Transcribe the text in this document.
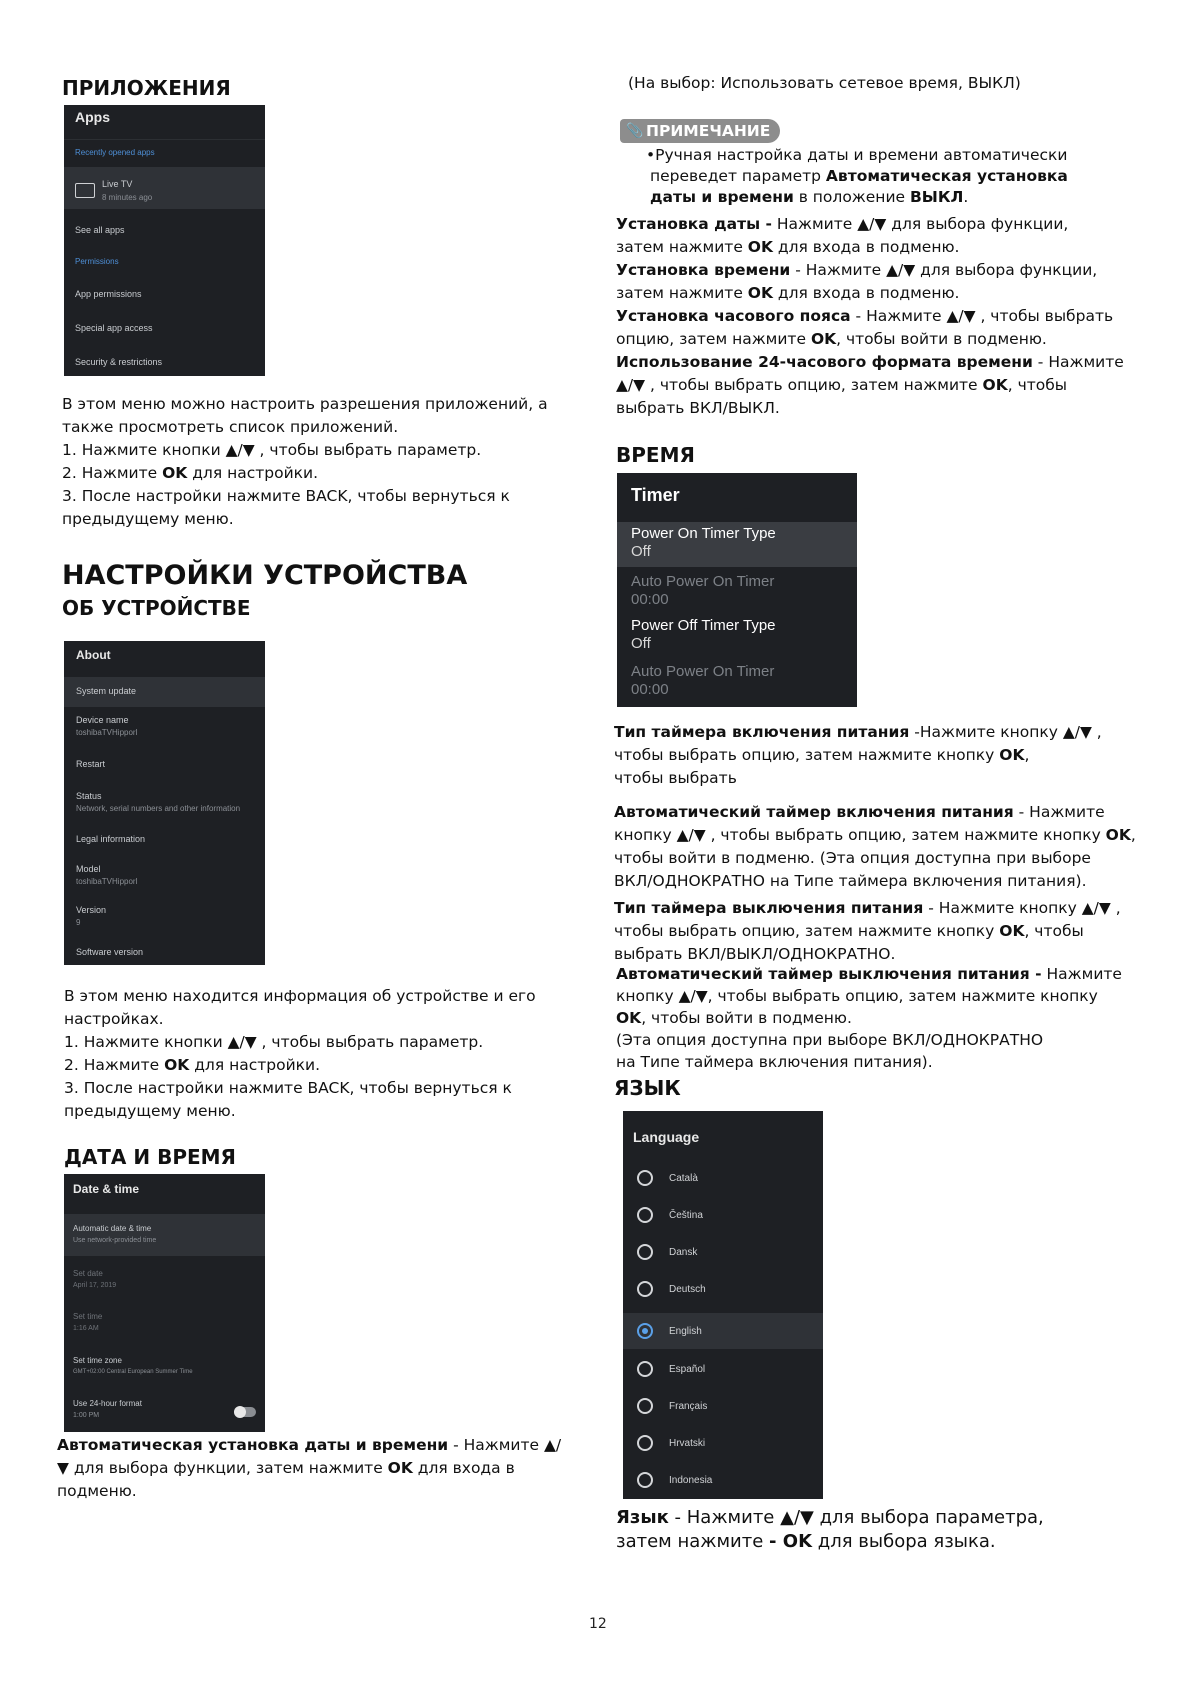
ПРИЛОЖЕНИЯ
Apps
Recently opened apps
Live TV
8 minutes ago
See all apps
Permissions
App permissions
Special app access
Security & restrictions

В этом меню можно настроить разрешения приложений, а

также просмотреть список приложений.

1. Нажмите кнопки ▲/▼ , чтобы выбрать параметр.

2. Нажмите OK для настройки.

3. После настройки нажмите BACK, чтобы вернуться к

предыдущему меню.

НАСТРОЙКИ УСТРОЙСТВА
ОБ УСТРОЙСТВЕ
About
System update
Device name
toshibaTVHipporl
Restart
Status
Network, serial numbers and other information
Legal information
Model
toshibaTVHipporl
Version
9
Software version

В этом меню находится информация об устройстве и его

настройках.

1. Нажмите кнопки ▲/▼ , чтобы выбрать параметр.

2. Нажмите OK для настройки.

3. После настройки нажмите BACK, чтобы вернуться к

предыдущему меню.

ДАТА И ВРЕМЯ
Date & time
Automatic date & time
Use network-provided time
Set date
April 17, 2019
Set time
1:16 AM
Set time zone
GMT+02:00 Central European Summer Time
Use 24-hour format
1:00 PM

Автоматическая установка даты и времени - Нажмите ▲/

▼ для выбора функции, затем нажмите OK для входа в

подменю.

(На выбор: Использовать сетевое время, ВЫКЛ)
📎 ПРИМЕЧАНИЕ

•Ручная настройка даты и времени автоматически

переведет параметр Автоматическая установка

даты и времени в положение ВЫКЛ.

Установка даты - Нажмите ▲/▼ для выбора функции,

затем нажмите OK для входа в подменю.

Установка времени - Нажмите ▲/▼ для выбора функции,

затем нажмите OK для входа в подменю.

Установка часового пояса - Нажмите ▲/▼ , чтобы выбрать

опцию, затем нажмите OK, чтобы войти в подменю.

Использование 24-часового формата времени - Нажмите

▲/▼ , чтобы выбрать опцию, затем нажмите OK, чтобы

выбрать ВКЛ/ВЫКЛ.

ВРЕМЯ
Timer
Power On Timer Type
Off
Auto Power On Timer
00:00
Power Off Timer Type
Off
Auto Power On Timer
00:00

Тип таймера включения питания -Нажмите кнопку ▲/▼ ,

чтобы выбрать опцию, затем нажмите кнопку OK,

чтобы выбрать

Автоматический таймер включения питания - Нажмите

кнопку ▲/▼ , чтобы выбрать опцию, затем нажмите кнопку OK,

чтобы войти в подменю. (Эта опция доступна при выборе

ВКЛ/ОДНОКРАТНО на Типе таймера включения питания).

Тип таймера выключения питания - Нажмите кнопку ▲/▼ ,

чтобы выбрать опцию, затем нажмите кнопку OK, чтобы

выбрать ВКЛ/ВЫКЛ/ОДНОКРАТНО.

Автоматический таймер выключения питания - Нажмите

кнопку ▲/▼, чтобы выбрать опцию, затем нажмите кнопку

OK, чтобы войти в подменю.

(Эта опция доступна при выборе ВКЛ/ОДНОКРАТНО

на Типе таймера включения питания).

ЯЗЫК
Language
Català
Čeština
Dansk
Deutsch
English
Español
Français
Hrvatski
Indonesia

Язык - Нажмите ▲/▼ для выбора параметра,

затем нажмите - OK для выбора языка.

12
